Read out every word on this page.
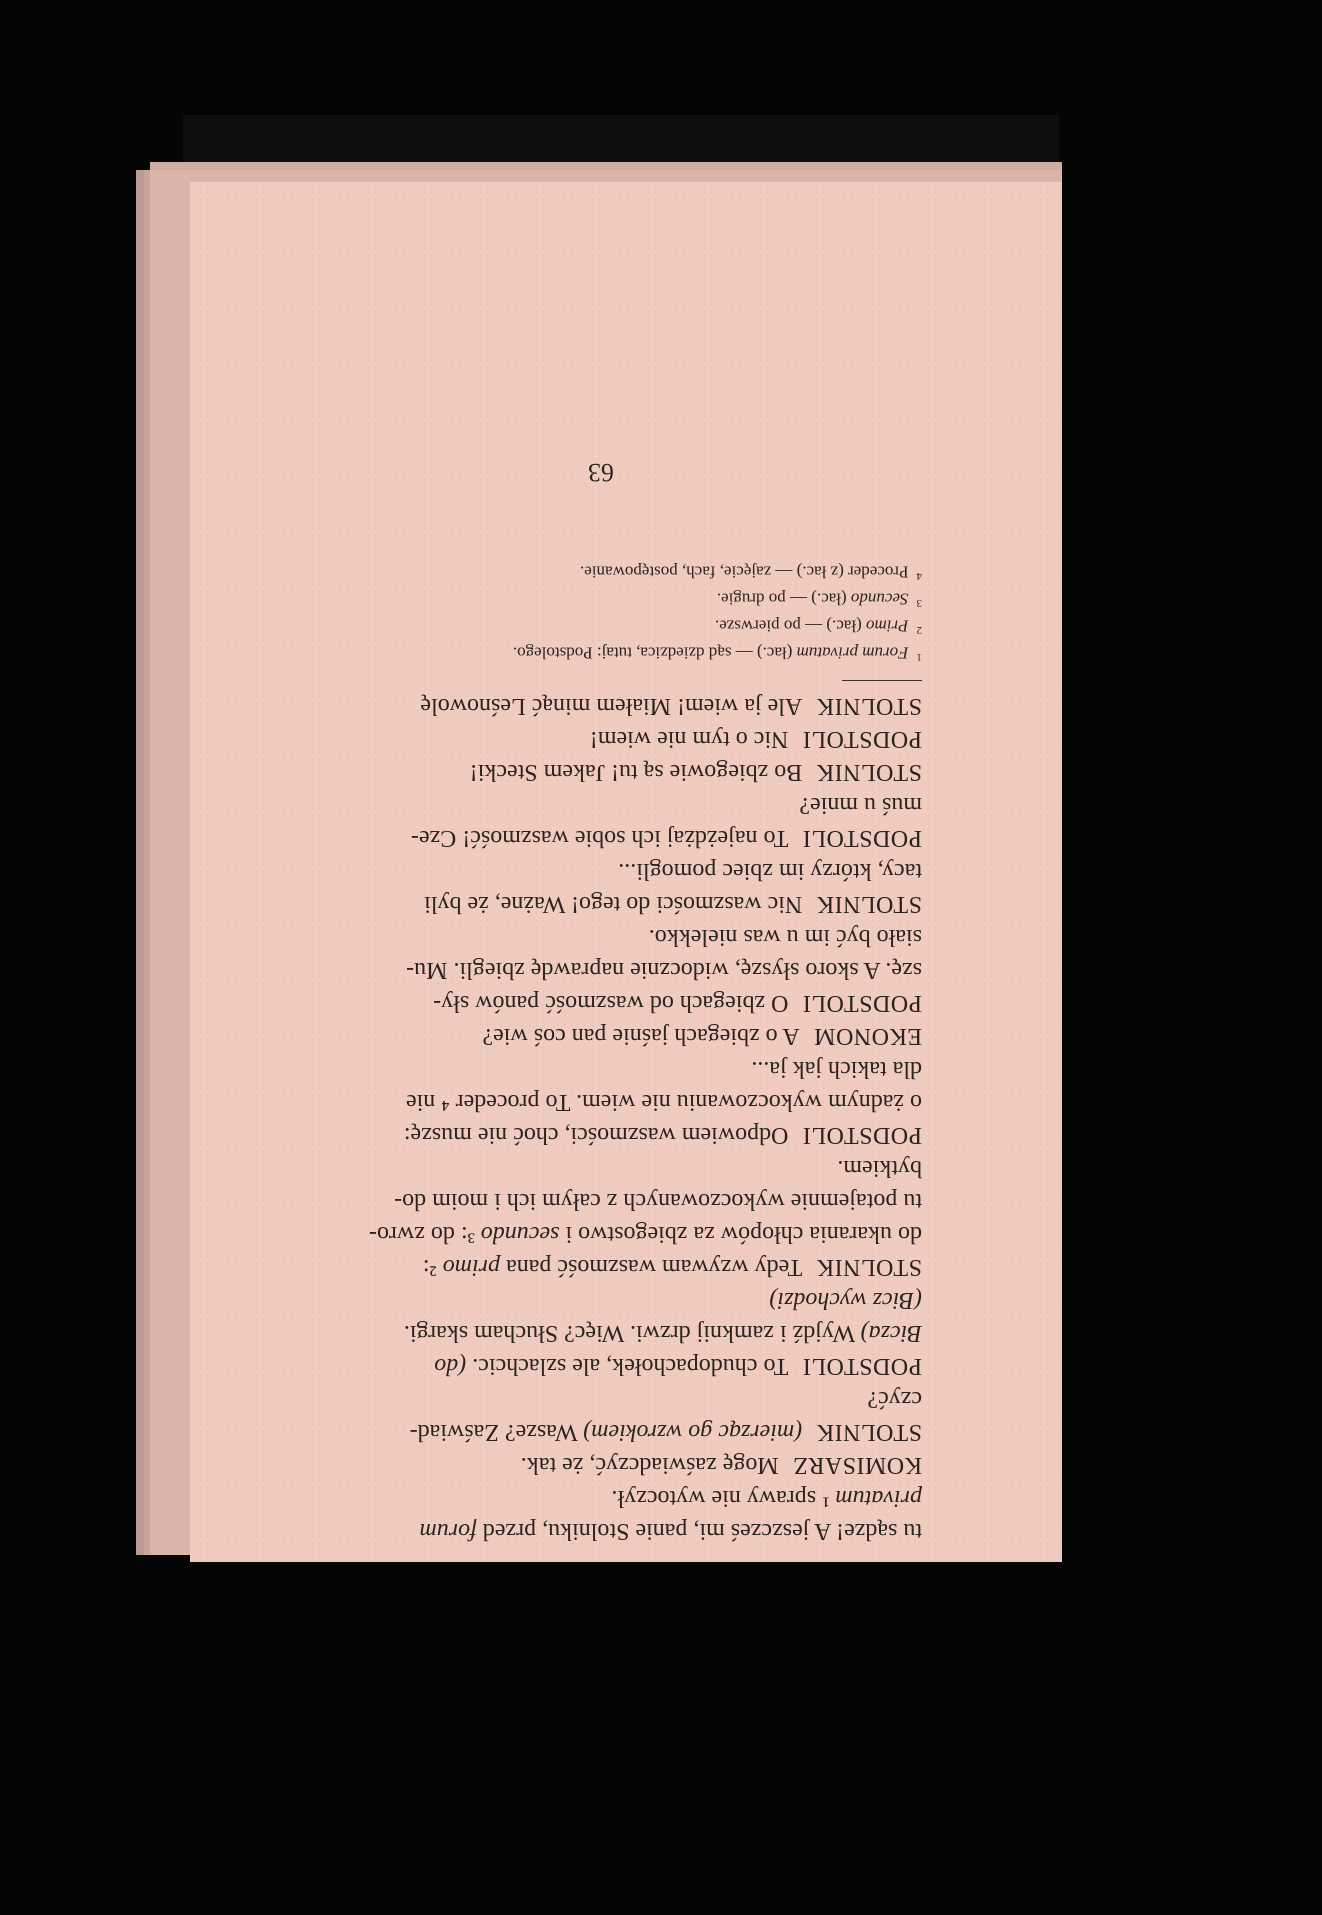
tu sądze! A jeszcześ mi, panie Stolniku, przed forum
privatum ¹ sprawy nie wytoczył.
KOMISARZMogę zaświadczyć, że tak.
STOLNIK(mierząc go wzrokiem) Wasze? Zaświad-
czyć?
PODSTOLITo chudopachołek, ale szlachcic. (do
Bicza) Wyjdź i zamknij drzwi. Więc? Słucham skargi.
(Bicz wychodzi)
STOLNIKTedy wzywam waszmość pana primo ²:
do ukarania chłopów za zbiegostwo i secundo ³: do zwro-
tu potajemnie wykoczowanych z całym ich i moim do-
bytkiem.
PODSTOLIOdpowiem waszmości, choć nie muszę:
o żadnym wykoczowaniu nie wiem. To proceder ⁴ nie
dla takich jak ja...
EKONOMA o zbiegach jaśnie pan coś wie?
PODSTOLIO zbiegach od waszmość panów sły-
szę. A skoro słyszę, widocznie naprawdę zbiegli. Mu-
siało być im u was nielekko.
STOLNIKNic waszmości do tego! Ważne, że byli
tacy, którzy im zbiec pomogli...
PODSTOLITo najeżdżaj ich sobie waszmość! Cze-
muś u mnie?
STOLNIKBo zbiegowie są tu! Jakem Stecki!
PODSTOLINic o tym nie wiem!
STOLNIKAle ja wiem! Miałem minąć Leśnowolę
$^1$Forum privatum (łac.) — sąd dziedzica, tutaj: Podstolego.
$^2$Primo (łac.) — po pierwsze.
$^3$Secundo (łac.) — po drugie.
$^4$Proceder (z łac.) — zajęcie, fach, postępowanie.
63
